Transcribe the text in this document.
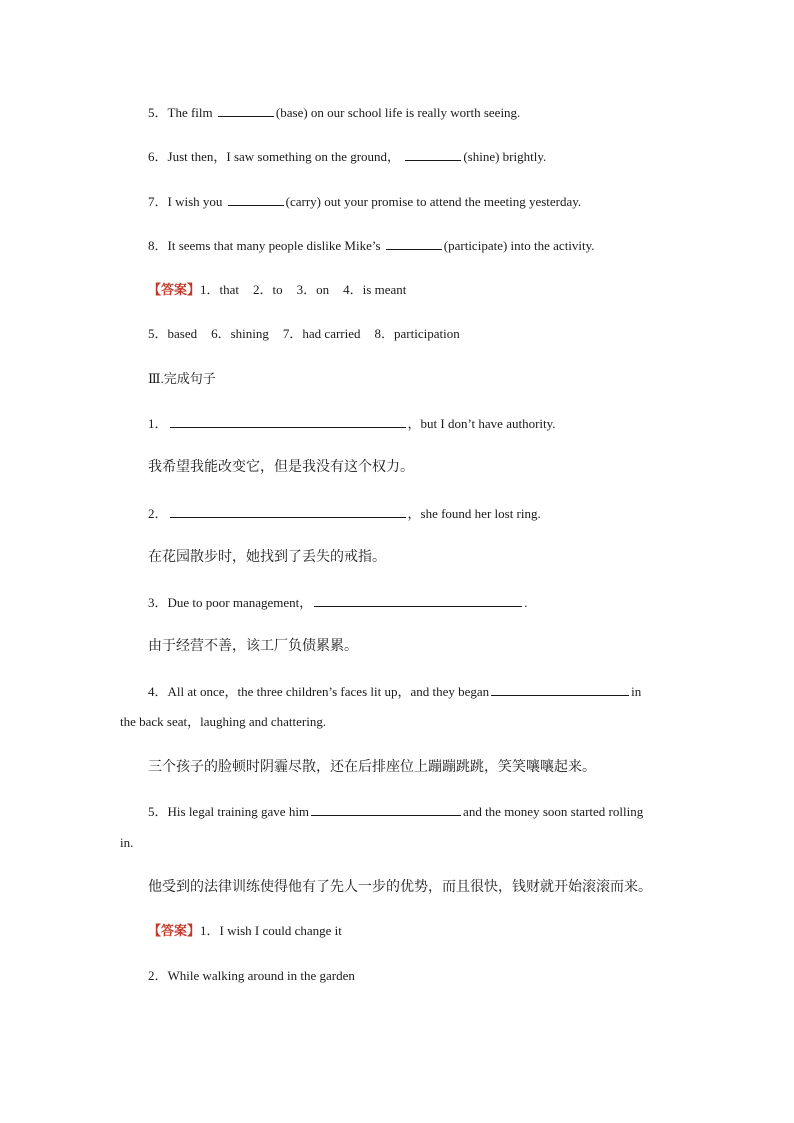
5．The film	(base) on our school life is really worth seeing.
6．Just then，I saw something on the ground，	(shine) brightly.
7．I wish you	(carry) out your promise to attend the meeting yesterday.
8．It seems that many people dislike Mike’s	(participate) into the activity.
【答案】1．that 2．to 3．on 4．is meant
5．based 6．shining 7．had carried 8．participation
Ⅲ.完成句子
1．	，but I don’t have authority.
我希望我能改变它，但是我没有这个权力。
2．	，she found her lost ring.
在花园散步时，她找到了丢失的戒指。
3．Due to poor management，	.
由于经营不善，该工厂负债累累。
4．All at once，the three children’s faces lit up，and they began	in
the back seat，laughing and chattering.
三个孩子的脸顿时阴霾尽散，还在后排座位上蹦蹦跳跳，笑笑嚷嚷起来。
5．His legal training gave him	and the money soon started rolling
in.
他受到的法律训练使得他有了先人一步的优势，而且很快，钱财就开始滚滚而来。
【答案】1．I wish I could change it
2．While walking around in the garden
